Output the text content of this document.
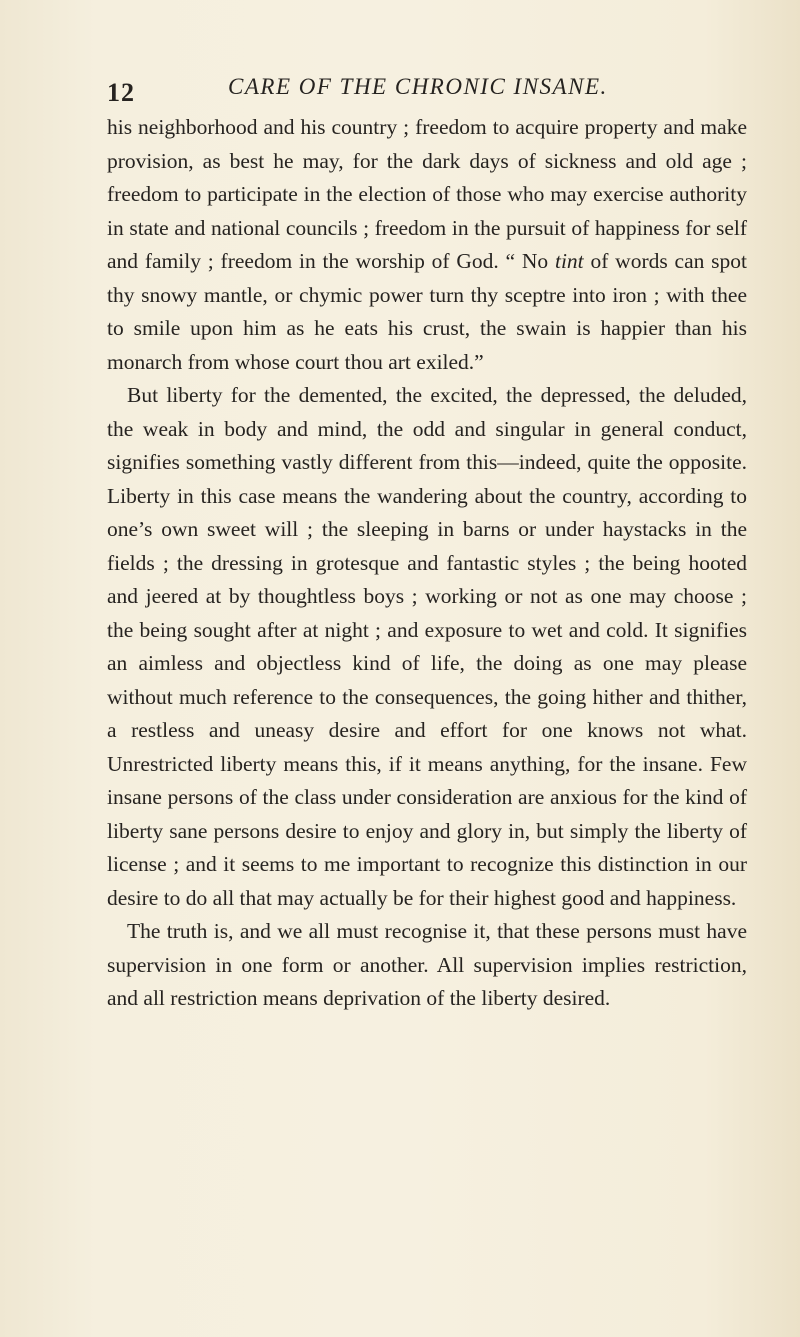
12	CARE OF THE CHRONIC INSANE.

his neighborhood and his country ; freedom to acquire property and make provision, as best he may, for the dark days of sickness and old age ; freedom to participate in the election of those who may exercise authority in state and national councils ; freedom in the pursuit of happiness for self and family ; freedom in the worship of God. “ No tint of words can spot thy snowy mantle, or chymic power turn thy sceptre into iron ; with thee to smile upon him as he eats his crust, the swain is happier than his monarch from whose court thou art exiled.”

But liberty for the demented, the excited, the depressed, the deluded, the weak in body and mind, the odd and singular in general conduct, signifies something vastly different from this—indeed, quite the opposite. Liberty in this case means the wandering about the country, according to one’s own sweet will ; the sleeping in barns or under haystacks in the fields ; the dressing in grotesque and fantastic styles ; the being hooted and jeered at by thoughtless boys ; working or not as one may choose ; the being sought after at night ; and exposure to wet and cold. It signifies an aimless and objectless kind of life, the doing as one may please without much reference to the consequences, the going hither and thither, a restless and uneasy desire and effort for one knows not what. Unrestricted liberty means this, if it means anything, for the insane. Few insane persons of the class under consideration are anxious for the kind of liberty sane persons desire to enjoy and glory in, but simply the liberty of license ; and it seems to me important to recognize this distinction in our desire to do all that may actually be for their highest good and happiness.

The truth is, and we all must recognise it, that these persons must have supervision in one form or another. All supervision implies restriction, and all restriction means deprivation of the liberty desired.
